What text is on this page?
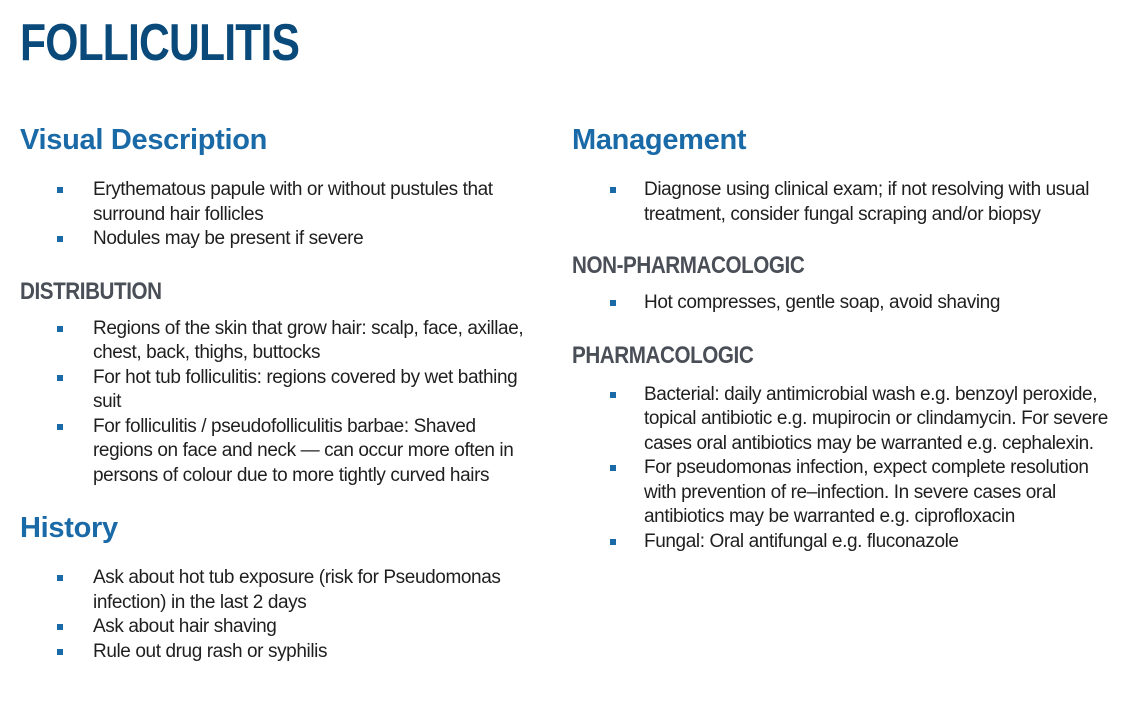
FOLLICULITIS
Visual Description
Erythematous papule with or without pustules that surround hair follicles
Nodules may be present if severe
DISTRIBUTION
Regions of the skin that grow hair: scalp, face, axillae, chest, back, thighs, buttocks
For hot tub folliculitis: regions covered by wet bathing suit
For folliculitis / pseudofolliculitis barbae: Shaved regions on face and neck — can occur more often in persons of colour due to more tightly curved hairs
History
Ask about hot tub exposure (risk for Pseudomonas infection) in the last 2 days
Ask about hair shaving
Rule out drug rash or syphilis
Management
Diagnose using clinical exam; if not resolving with usual treatment, consider fungal scraping and/or biopsy
NON-PHARMACOLOGIC
Hot compresses, gentle soap, avoid shaving
PHARMACOLOGIC
Bacterial: daily antimicrobial wash e.g. benzoyl peroxide, topical antibiotic e.g. mupirocin or clindamycin. For severe cases oral antibiotics may be warranted e.g. cephalexin.
For pseudomonas infection, expect complete resolution with prevention of re–infection. In severe cases oral antibiotics may be warranted e.g. ciprofloxacin
Fungal: Oral antifungal e.g. fluconazole
